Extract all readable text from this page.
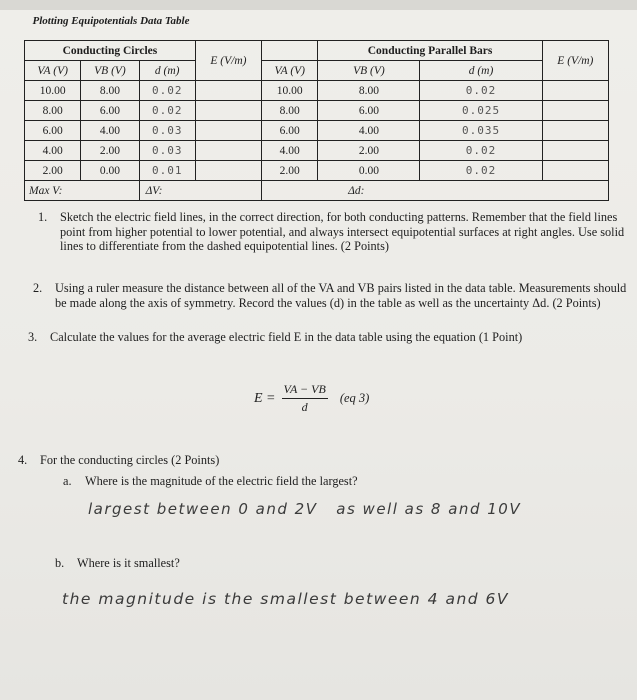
Plotting Equipotentials Data Table							

Conducting Circles			E (V/m)		Conducting Parallel Bars		E (V/m)
VA (V)	VB (V)	d (m)		VA (V)	VB (V)	d (m)	
10.00	8.00	0.02		10.00	8.00	0.02	
8.00	6.00	0.02		8.00	6.00	0.025	
6.00	4.00	0.03		6.00	4.00	0.035	
4.00	2.00	0.03		4.00	2.00	0.02	
2.00	0.00	0.01		2.00	0.00	0.02	
Max V:		ΔV:		Δd:			
1. Sketch the electric field lines, in the correct direction, for both conducting patterns. Remember that the field lines point from higher potential to lower potential, and always intersect equipotential surfaces at right angles. Use solid lines to differentiate from the dashed equipotential lines. (2 Points)
2. Using a ruler measure the distance between all of the VA and VB pairs listed in the data table. Measurements should be made along the axis of symmetry. Record the values (d) in the table as well as the uncertainty Δd. (2 Points)
3. Calculate the values for the average electric field E in the data table using the equation (1 Point)
$E = \frac{VA - VB}{d} (eq$ 3)
4. For the conducting circles (2 Points)
a. Where is the magnitude of the electric field the largest?
largest between 0 and 2V   as well as 8 and 10V
b. Where is it smallest?
the magnitude is the smallest between 4 and 6V
